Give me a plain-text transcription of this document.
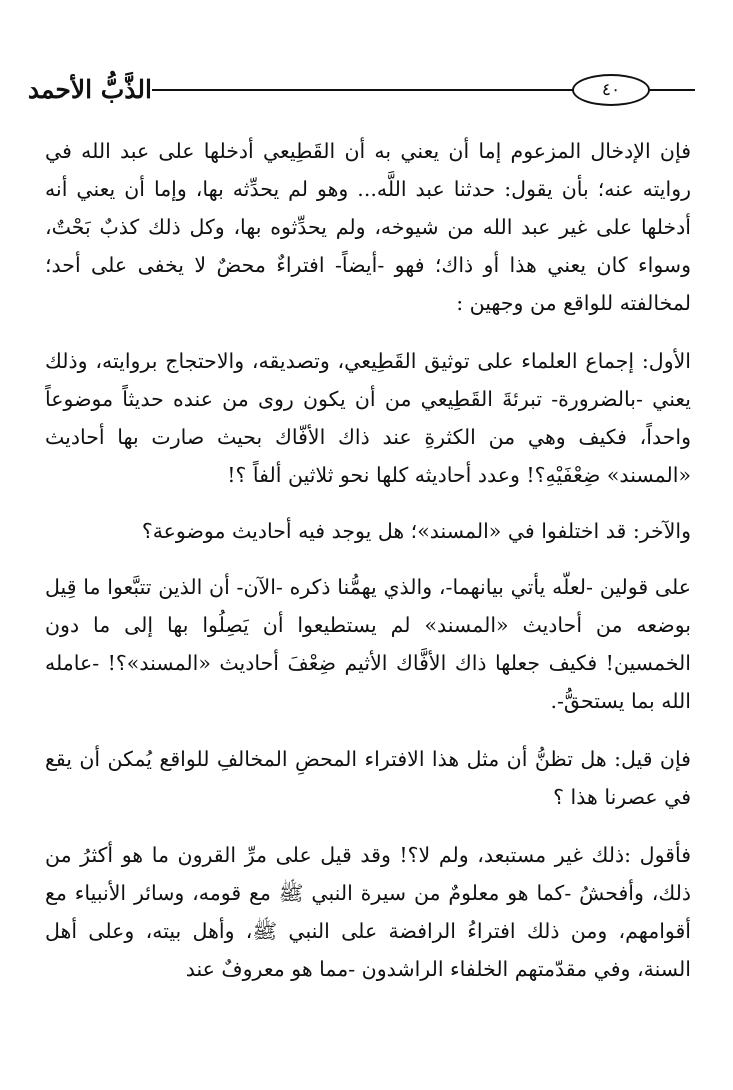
٤٠
الذَّبُّ الأحمد

فإن الإدخال المزعوم إما أن يعني به أن القَطِيعي أدخلها على عبد الله في روايته عنه؛ بأن يقول: حدثنا عبد اللَّه... وهو لم يحدِّثه بها، وإما أن يعني أنه أدخلها على غير عبد الله من شيوخه، ولم يحدِّثوه بها، وكل ذلك كذبٌ بَحْتٌ، وسواء كان يعني هذا أو ذاك؛ فهو -أيضاً- افتراءٌ محضٌ لا يخفى على أحد؛ لمخالفته للواقع من وجهين :

الأول: إجماع العلماء على توثيق القَطِيعي، وتصديقه، والاحتجاج بروايته، وذلك يعني -بالضرورة- تبرئةَ القَطِيعي من أن يكون روى من عنده حديثاً موضوعاً واحداً، فكيف وهي من الكثرةِ عند ذاك الأفّاك بحيث صارت بها أحاديث «المسند» ضِعْفَيْهِ؟! وعدد أحاديثه كلها نحو ثلاثين ألفاً ؟!

والآخر: قد اختلفوا في «المسند»؛ هل يوجد فيه أحاديث موضوعة؟

على قولين -لعلّه يأتي بيانهما-، والذي يهمُّنا ذكره -الآن- أن الذين تتبَّعوا ما قِيل بوضعه من أحاديث «المسند» لم يستطيعوا أن يَصِلُوا بها إلى ما دون الخمسين! فكيف جعلها ذاك الأفَّاك الأثيم ضِعْفَ أحاديث «المسند»؟! -عامله الله بما يستحقُّ-.

فإن قيل: هل تظنُّ أن مثل هذا الافتراء المحضِ المخالفِ للواقع يُمكن أن يقع في عصرنا هذا ؟

فأقول :ذلك غير مستبعد، ولم لا؟! وقد قيل على مرِّ القرون ما هو أكثرُ من ذلك، وأفحشُ -كما هو معلومٌ من سيرة النبي ﷺ مع قومه، وسائر الأنبياء مع أقوامهم، ومن ذلك افتراءُ الرافضة على النبي ﷺ، وأهل بيته، وعلى أهل السنة، وفي مقدّمتهم الخلفاء الراشدون -مما هو معروفٌ عند
